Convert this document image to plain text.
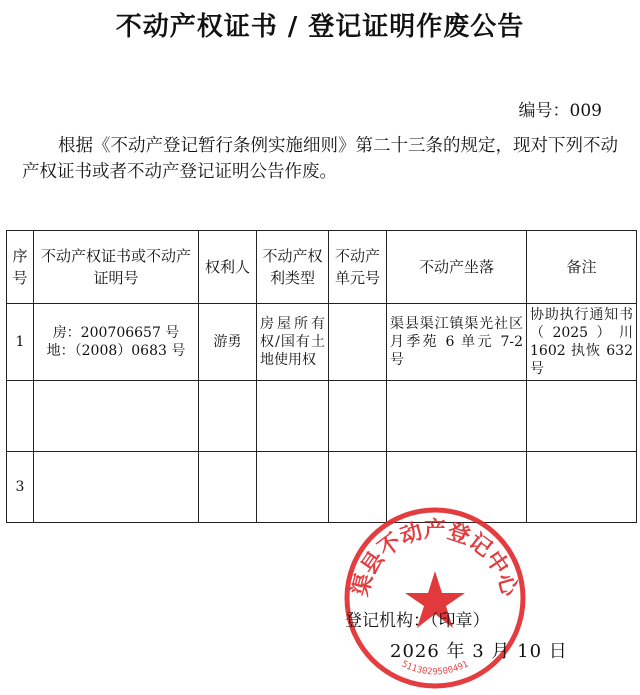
不动产权证书 / 登记证明作废公告
编号：009
根据《不动产登记暂行条例实施细则》第二十三条的规定，现对下列不动产权证书或者不动产登记证明公告作废。
序号	不动产权证书或不动产证明号	权利人	不动产权利类型	不动产单元号	不动产坐落	备注
1	房：200706657 号
地：（2008）0683 号	游勇	房屋所有权/国有土地使用权		渠县渠江镇渠光社区月季苑 6 单元 7-2 号	协助执行通知书（2025）川1602 执恢 632 号

3						
渠县不动产登记中心
5113029500491
登记机构：（印章）
2026 年 3 月 10 日
